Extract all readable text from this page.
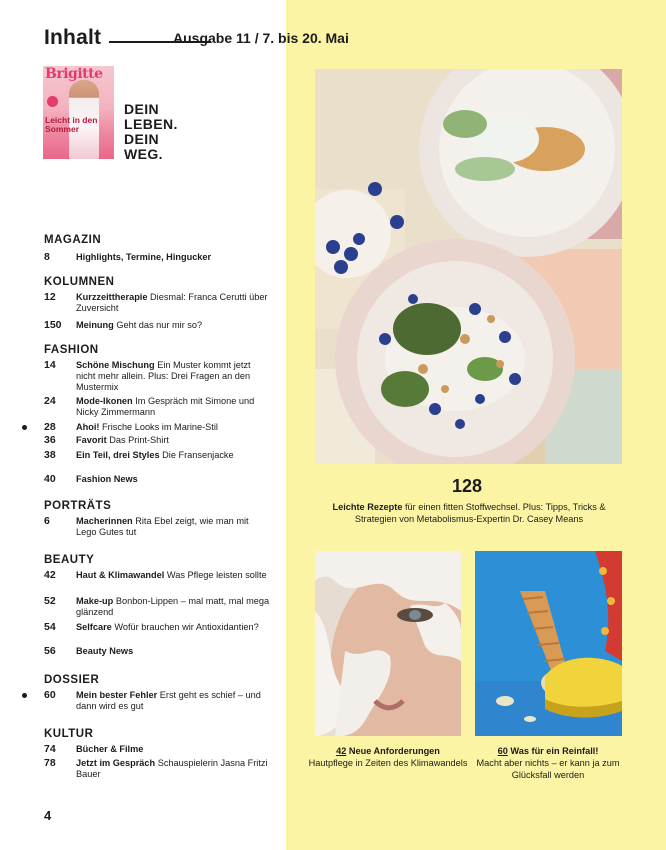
Inhalt	Ausgabe 11 / 7. bis 20. Mai
Brigitte
Leicht in den Sommer
DEIN
LEBEN.
DEIN
WEG.
MAGAZIN
8	Highlights, Termine, Hingucker
KOLUMNEN
12 Kurzzeittherapie Diesmal: Franca Cerutti über Zuversicht
150 Meinung Geht das nur mir so?
FASHION
14 Schöne Mischung Ein Muster kommt jetzt nicht mehr allein. Plus: Drei Fragen an den Mustermix
24 Mode-Ikonen Im Gespräch mit Simone und Nicky Zimmermann
28 Ahoi! Frische Looks im Marine-Stil
36 Favorit Das Print-Shirt
38 Ein Teil, drei Styles Die Fransenjacke
40 Fashion News
PORTRÄTS
6	Macherinnen Rita Ebel zeigt, wie man mit Lego Gutes tut
BEAUTY
42 Haut & Klimawandel Was Pflege leisten sollte
52 Make-up Bonbon-Lippen – mal matt, mal mega glänzend
54 Selfcare Wofür brauchen wir Antioxidantien?
56 Beauty News
DOSSIER
60 Mein bester Fehler Erst geht es schief – und dann wird es gut
KULTUR
74 Bücher & Filme
78 Jetzt im Gespräch Schauspielerin Jasna Fritzi Bauer
4
128
Leichte Rezepte für einen fitten Stoffwechsel. Plus: Tipps, Tricks & Strategien von Metabolismus-Expertin Dr. Casey Means
42 Neue Anforderungen
Hautpflege in Zeiten des Klimawandels
60 Was für ein Reinfall!
Macht aber nichts – er kann ja zum Glücksfall werden
